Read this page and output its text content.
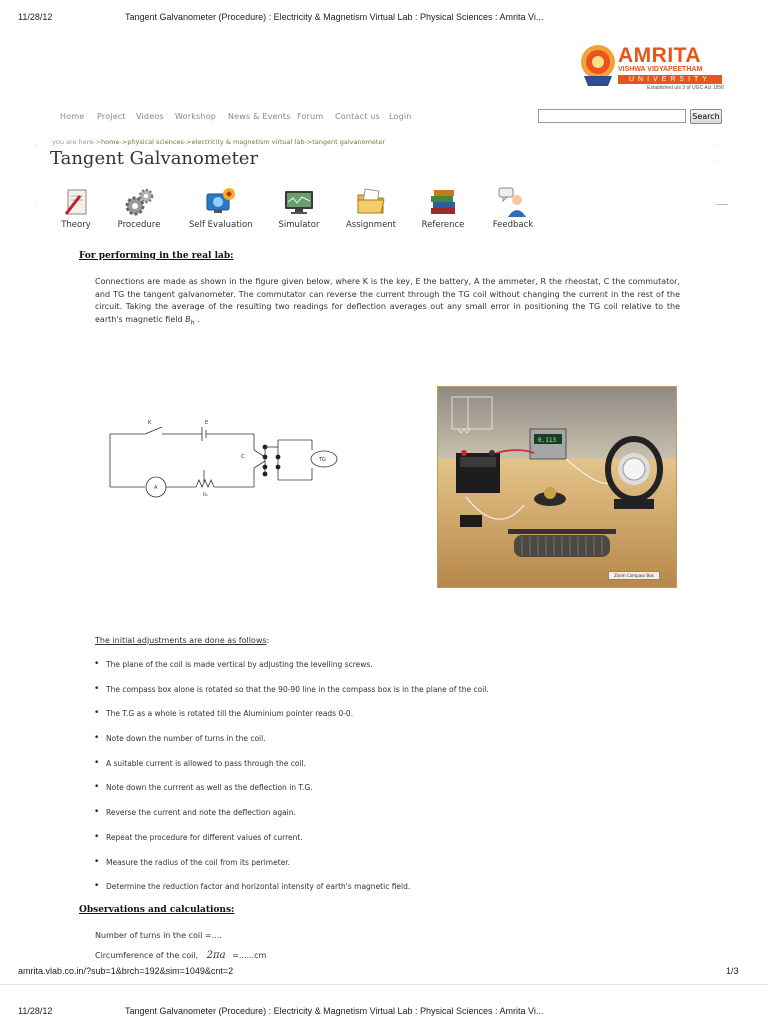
11/28/12	Tangent Galvanometer (Procedure) : Electricity & Magnetism Virtual Lab : Physical Sciences : Amrita Vi...
AMRITA
VISHWA VIDYAPEETHAM
UNIVERSITY
Established u/s 3 of UGC Act 1956
Home Project Videos Workshop News & Events Forum Contact us Login	Search
you are here->home->physical sciences->electricity & magnetism virtual lab->tangent galvanometer
·	·
·
·
Tangent Galvanometer
Theory	Procedure	Self Evaluation	Simulator	Assignment	Reference	Feedback
For performing in the real lab:
Connections are made as shown in the figure given below, where K is the key, E the battery, A the ammeter, R the rheostat, C the commutator, and TG the tangent galvanometer. The commutator can reverse the current through the TG coil without changing the current in the rest of the circuit. Taking the average of the resulting two readings for deflection averages out any small error in positioning the TG coil relative to the earth's magnetic field $B_h$ .
K	E
C	TG
A
Rₕ
0.113
Zoom Compass Box
The initial adjustments are done as follows:
• The plane of the coil is made vertical by adjusting the levelling screws.
• The compass box alone is rotated so that the 90-90 line in the compass box is in the plane of the coil.
• The T.G as a whole is rotated till the Aluminium pointer reads 0-0.
• Note down the number of turns in the coil.
• A suitable current is allowed to pass through the coil.
• Note down the currrent as well as the deflection in T.G.
• Reverse the current and note the deflection again.
• Repeat the procedure for different values of current.
• Measure the radius of the coil from its perimeter.
• Determine the reduction factor and horizontal intensity of earth's magnetic field.
Observations and calculations:
Number of turns in the coil =....
Circumference of the coil, 2πa =......cm
amrita.vlab.co.in/?sub=1&brch=192&sim=1049&cnt=2	1/3
11/28/12	Tangent Galvanometer (Procedure) : Electricity & Magnetism Virtual Lab : Physical Sciences : Amrita Vi...
